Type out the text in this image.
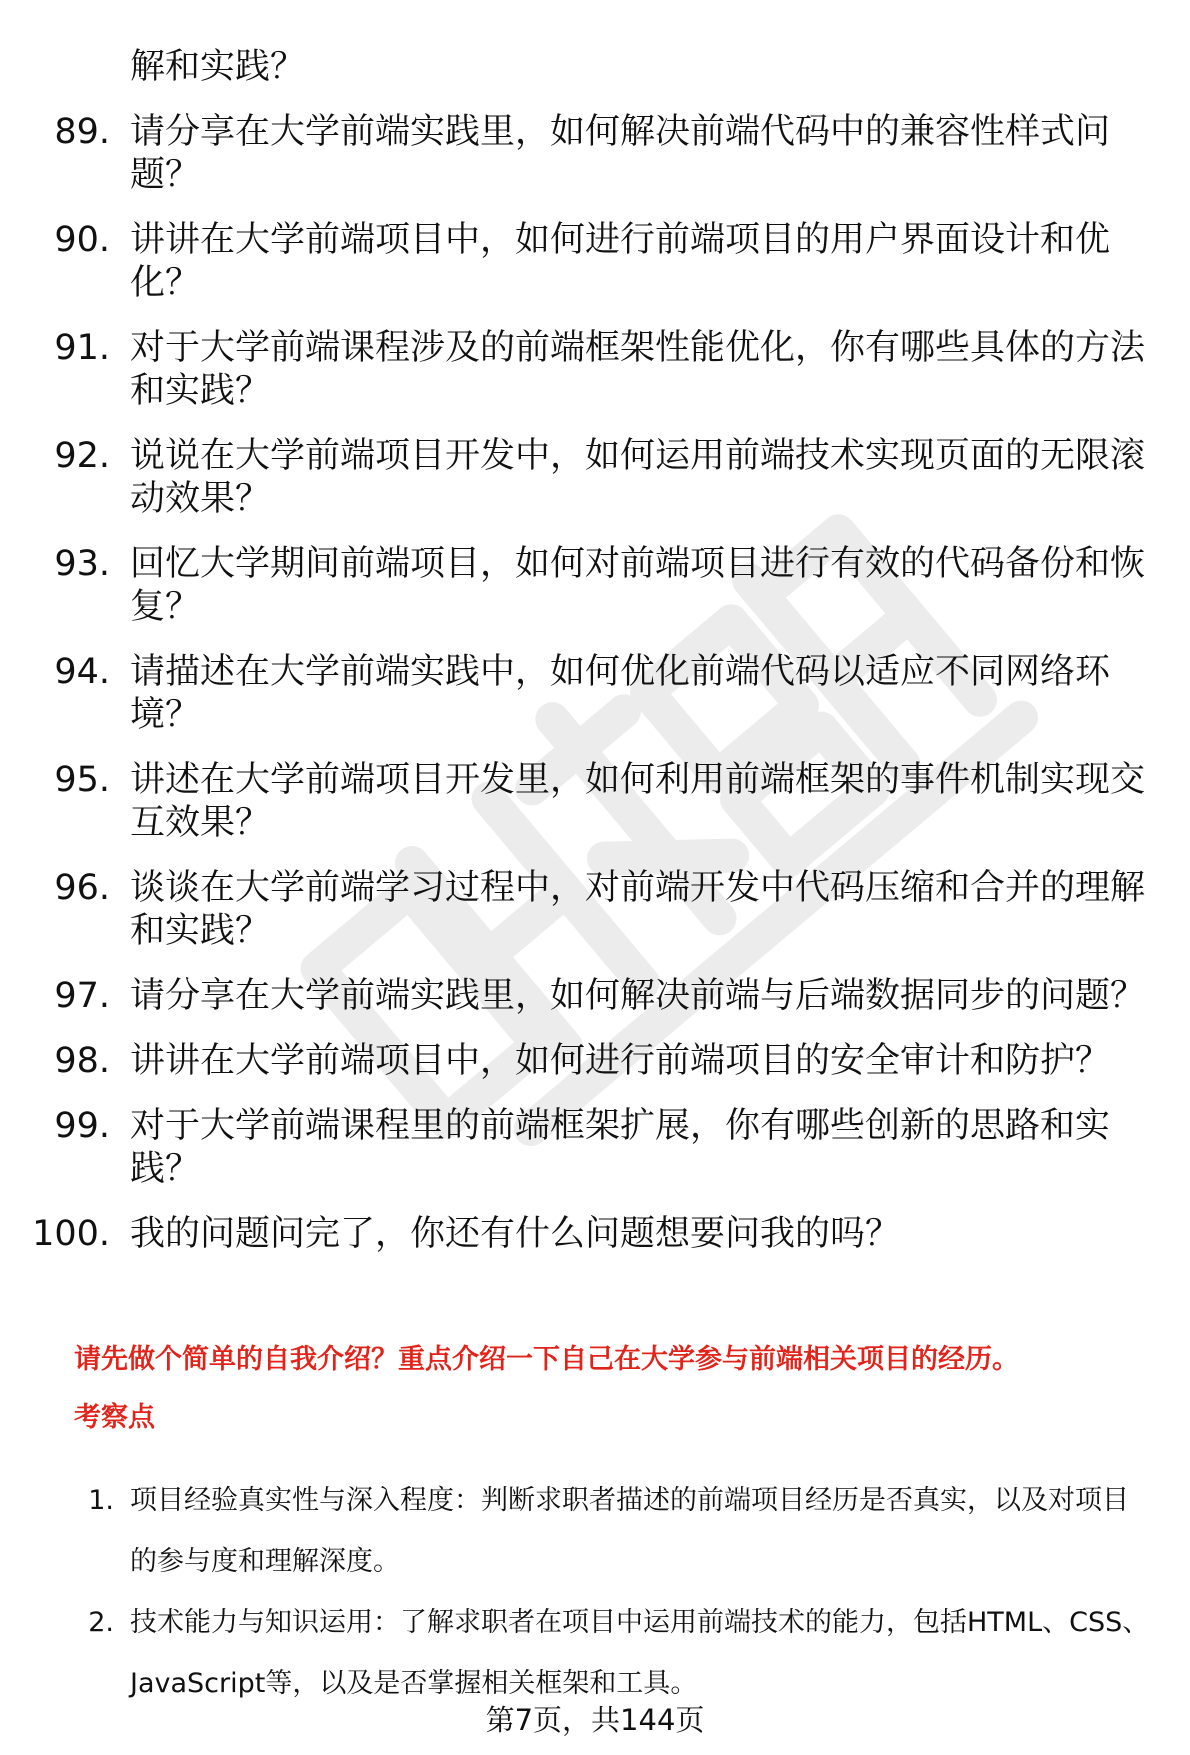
解和实践？
89. 请分享在大学前端实践里，如何解决前端代码中的兼容性样式问题？
90. 讲讲在大学前端项目中，如何进行前端项目的用户界面设计和优化？
91. 对于大学前端课程涉及的前端框架性能优化，你有哪些具体的方法和实践？
92. 说说在大学前端项目开发中，如何运用前端技术实现页面的无限滚动效果？
93. 回忆大学期间前端项目，如何对前端项目进行有效的代码备份和恢复？
94. 请描述在大学前端实践中，如何优化前端代码以适应不同网络环境？
95. 讲述在大学前端项目开发里，如何利用前端框架的事件机制实现交互效果？
96. 谈谈在大学前端学习过程中，对前端开发中代码压缩和合并的理解和实践？
97. 请分享在大学前端实践里，如何解决前端与后端数据同步的问题？
98. 讲讲在大学前端项目中，如何进行前端项目的安全审计和防护？
99. 对于大学前端课程里的前端框架扩展，你有哪些创新的思路和实践？
100. 我的问题问完了，你还有什么问题想要问我的吗？
请先做个简单的自我介绍？重点介绍一下自己在大学参与前端相关项目的经历。
考察点
1. 项目经验真实性与深入程度：判断求职者描述的前端项目经历是否真实，以及对项目的参与度和理解深度。
2. 技术能力与知识运用：了解求职者在项目中运用前端技术的能力，包括HTML、CSS、JavaScript等，以及是否掌握相关框架和工具。
第7页，共144页
